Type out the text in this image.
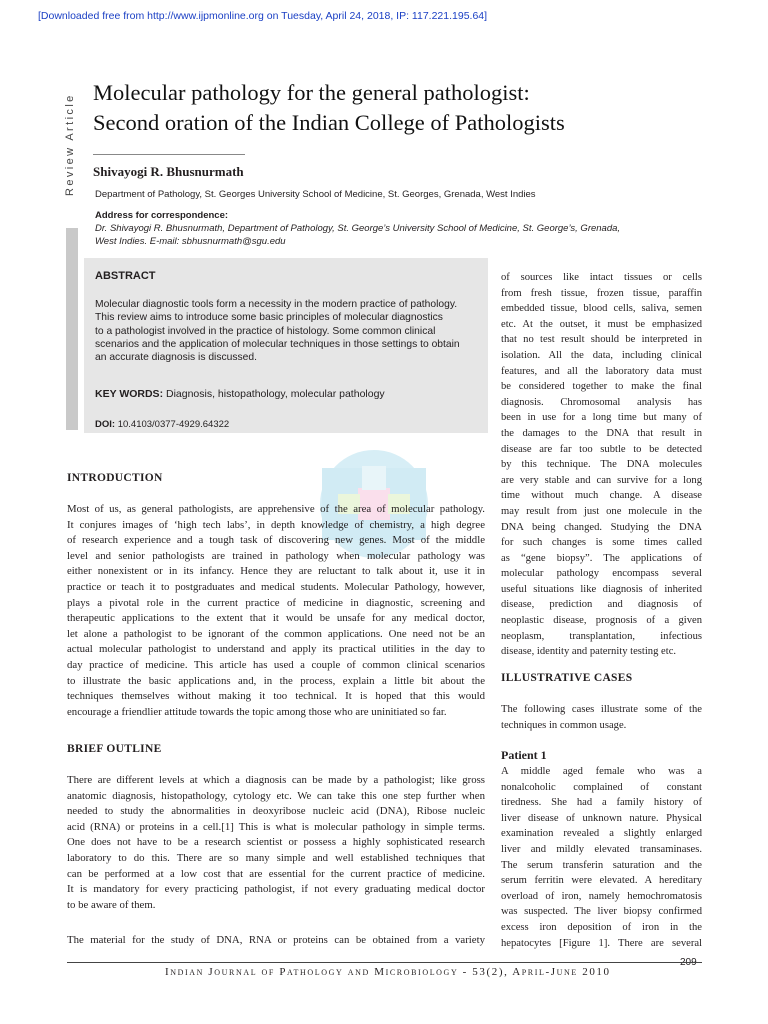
[Downloaded free from http://www.ijpmonline.org on Tuesday, April 24, 2018, IP: 117.221.195.64]
Review Article
Molecular pathology for the general pathologist:
Second oration of the Indian College of Pathologists
Shivayogi R. Bhusnurmath
Department of Pathology, St. Georges University School of Medicine, St. Georges, Grenada, West Indies
Address for correspondence:
Dr. Shivayogi R. Bhusnurmath, Department of Pathology, St. George’s University School of Medicine, St. George’s, Grenada,
West Indies. E-mail: sbhusnurmath@sgu.edu
ABSTRACT
Molecular diagnostic tools form a necessity in the modern practice of pathology.
This review aims to introduce some basic principles of molecular diagnostics
to a pathologist involved in the practice of histology. Some common clinical
scenarios and the application of molecular techniques in those settings to obtain
an accurate diagnosis is discussed.
KEY WORDS: Diagnosis, histopathology, molecular pathology
DOI: 10.4103/0377-4929.64322
INTRODUCTION
Most of us, as general pathologists, are apprehensive of the area of molecular pathology.
It conjures images of ‘high tech labs’, in depth knowledge of chemistry, a high degree
of research experience and a tough task of discovering new genes. Most of the middle
level and senior pathologists are trained in pathology when molecular pathology was
either nonexistent or in its infancy. Hence they are reluctant to talk about it, use it in
practice or teach it to postgraduates and medical students. Molecular Pathology, however,
plays a pivotal role in the current practice of medicine in diagnostic, screening and
therapeutic applications to the extent that it would be unsafe for any medical doctor,
let alone a pathologist to be ignorant of the common applications. One need not be an
actual molecular pathologist to understand and apply its practical utilities in the day to
day practice of medicine. This article has used a couple of common clinical scenarios
to illustrate the basic applications and, in the process, explain a little bit about the
techniques themselves without making it too technical. It is hoped that this would
encourage a friendlier attitude towards the topic among those who are uninitiated so far.
BRIEF OUTLINE
There are different levels at which a diagnosis can be made by a pathologist; like gross
anatomic diagnosis, histopathology, cytology etc. We can take this one step further when
needed to study the abnormalities in deoxyribose nucleic acid (DNA), Ribose nucleic
acid (RNA) or proteins in a cell.[1] This is what is molecular pathology in simple terms.
One does not have to be a research scientist or possess a highly sophisticated research
laboratory to do this. There are so many simple and well established techniques that
can be performed at a low cost that are essential for the current practice of medicine.
It is mandatory for every practicing pathologist, if not every graduating medical doctor
to be aware of them.
The material for the study of DNA, RNA or proteins can be obtained from a variety
of sources like intact tissues or cells
from fresh tissue, frozen tissue, paraffin
embedded tissue, blood cells, saliva, semen
etc. At the outset, it must be emphasized
that no test result should be interpreted in
isolation. All the data, including clinical
features, and all the laboratory data must
be considered together to make the final
diagnosis. Chromosomal analysis has
been in use for a long time but many of
the damages to the DNA that result in
disease are far too subtle to be detected
by this technique. The DNA molecules
are very stable and can survive for a long
time without much change. A disease
may result from just one molecule in the
DNA being changed. Studying the DNA
for such changes is some times called
as “gene biopsy”. The applications of
molecular pathology encompass several
useful situations like diagnosis of inherited
disease, prediction and diagnosis of
neoplastic disease, prognosis of a given
neoplasm, transplantation, infectious
disease, identity and paternity testing etc.
ILLUSTRATIVE CASES
The following cases illustrate some of the
techniques in common usage.
Patient 1
A middle aged female who was a
nonalcoholic complained of constant
tiredness. She had a family history of
liver disease of unknown nature. Physical
examination revealed a slightly enlarged
liver and mildly elevated transaminases.
The serum transferin saturation and the
serum ferritin were elevated. A hereditary
overload of iron, namely hemochromatosis
was suspected. The liver biopsy confirmed
excess iron deposition of iron in the
hepatocytes [Figure 1]. There are several
Indian Journal of Pathology and Microbiology - 53(2), April-June 2010
